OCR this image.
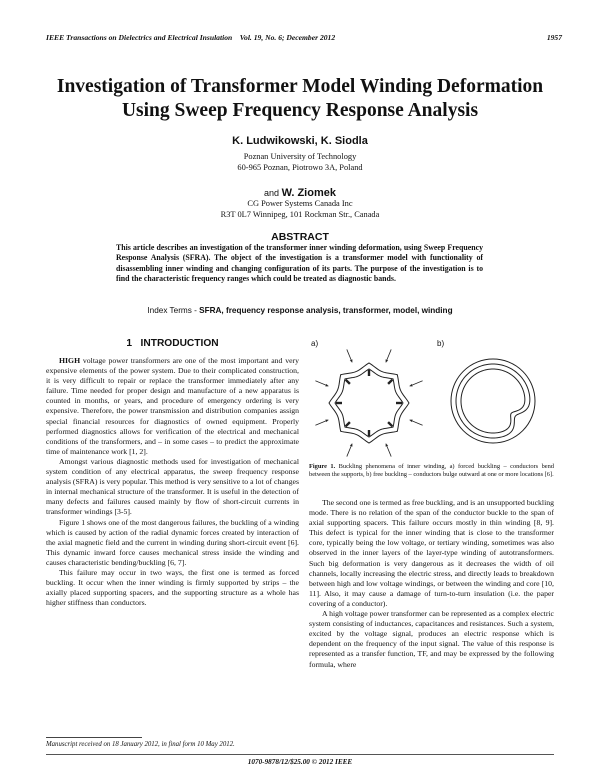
IEEE Transactions on Dielectrics and Electrical Insulation    Vol. 19, No. 6; December 2012	1957
Investigation of Transformer Model Winding Deformation
Using Sweep Frequency Response Analysis
K. Ludwikowski, K. Siodla
Poznan University of Technology
60-965 Poznan, Piotrowo 3A, Poland
and W. Ziomek
CG Power Systems Canada Inc
R3T 0L7 Winnipeg, 101 Rockman Str., Canada
ABSTRACT
This article describes an investigation of the transformer inner winding deformation, using Sweep Frequency Response Analysis (SFRA). The object of the investigation is a transformer model with functionality of disassembling inner winding and changing configuration of its parts. The purpose of the investigation is to find the characteristic frequency ranges which could be treated as diagnostic bands.
Index Terms - SFRA, frequency response analysis, transformer, model, winding
1 INTRODUCTION

HIGH voltage power transformers are one of the most important and very expensive elements of the power system. Due to their complicated construction, it is very difficult to repair or replace the transformer immediately after any failure. Time needed for proper design and manufacture of a new apparatus is counted in months, or years, and procedure of emergency ordering is very expensive. Therefore, the power transmission and distribution companies assign special financial resources for diagnostics of owned equipment. Properly performed diagnostics allows for verification of the electrical and mechanical conditions of the transformers, and – in some cases – to predict the approximate time of maintenance work [1, 2].

Amongst various diagnostic methods used for investigation of mechanical system condition of any electrical apparatus, the sweep frequency response analysis (SFRA) is very popular. This method is very sensitive to a lot of changes in internal mechanical structure of the transformer. It is useful in the detection of many defects and failures caused mainly by flow of short-circuit currents in transformer windings [3-5].

Figure 1 shows one of the most dangerous failures, the buckling of a winding which is caused by action of the radial dynamic forces created by interaction of the axial magnetic field and the current in winding during short-circuit event [6]. This dynamic inward force causes mechanical stress inside the winding and causes characteristic bending/buckling [6, 7].

This failure may occur in two ways, the first one is termed as forced buckling. It occur when the inner winding is firmly supported by strips – the axially placed supporting spacers, and the supporting structure as a whole has higher stiffness than conductors.

a)	b)
Figure 1. Buckling phenomena of inner winding, a) forced buckling – conductors bend between the supports, b) free buckling – conductors bulge outward at one or more locations [6].

The second one is termed as free buckling, and is an unsupported buckling mode. There is no relation of the span of the conductor buckle to the span of axial supporting spacers. This failure occurs mostly in thin winding [8, 9]. This defect is typical for the inner winding that is close to the transformer core, typically being the low voltage, or tertiary winding, sometimes was also observed in the inner layers of the layer-type winding of autotransformers. Such big deformation is very dangerous as it decreases the width of oil channels, locally increasing the electric stress, and directly leads to breakdown between high and low voltage windings, or between the winding and core [10, 11]. Also, it may cause a damage of turn-to-turn insulation (i.e. the paper covering of a conductor).

A high voltage power transformer can be represented as a complex electric system consisting of inductances, capacitances and resistances. Such a system, excited by the voltage signal, produces an electric response which is dependent on the frequency of the input signal. The value of this response is represented as a transfer function, TF, and may be expressed by the following formula, where

Manuscript received on 18 January 2012, in final form 10 May 2012.
1070-9878/12/$25.00 © 2012 IEEE
